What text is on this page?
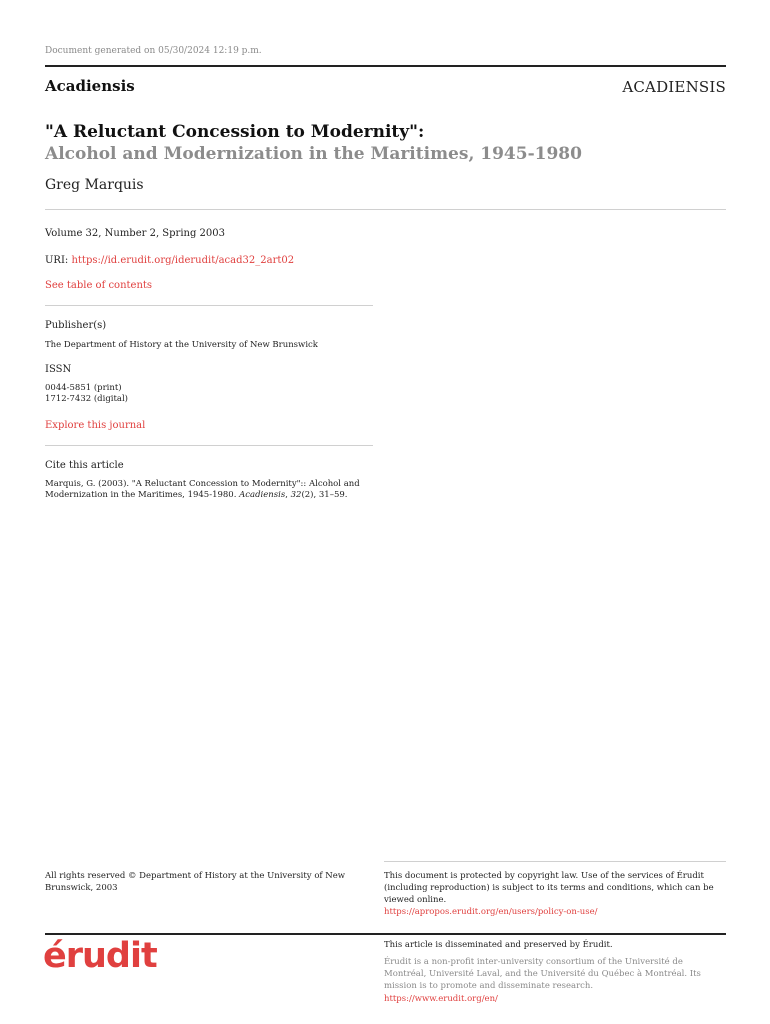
Document generated on 05/30/2024 12:19 p.m.
Acadiensis	ACADIENSIS
"A Reluctant Concession to Modernity":
Alcohol and Modernization in the Maritimes, 1945-1980
Greg Marquis
Volume 32, Number 2, Spring 2003
URI: https://id.erudit.org/iderudit/acad32_2art02
See table of contents
Publisher(s)
The Department of History at the University of New Brunswick
ISSN
0044-5851 (print)
1712-7432 (digital)
Explore this journal
Cite this article
Marquis, G. (2003). "A Reluctant Concession to Modernity":: Alcohol and Modernization in the Maritimes, 1945-1980. Acadiensis, 32(2), 31–59.
All rights reserved © Department of History at the University of New Brunswick, 2003
This document is protected by copyright law. Use of the services of Érudit (including reproduction) is subject to its terms and conditions, which can be viewed online.
https://apropos.erudit.org/en/users/policy-on-use/
érudit	This article is disseminated and preserved by Érudit.
Érudit is a non-profit inter-university consortium of the Université de Montréal, Université Laval, and the Université du Québec à Montréal. Its mission is to promote and disseminate research.
https://www.erudit.org/en/
